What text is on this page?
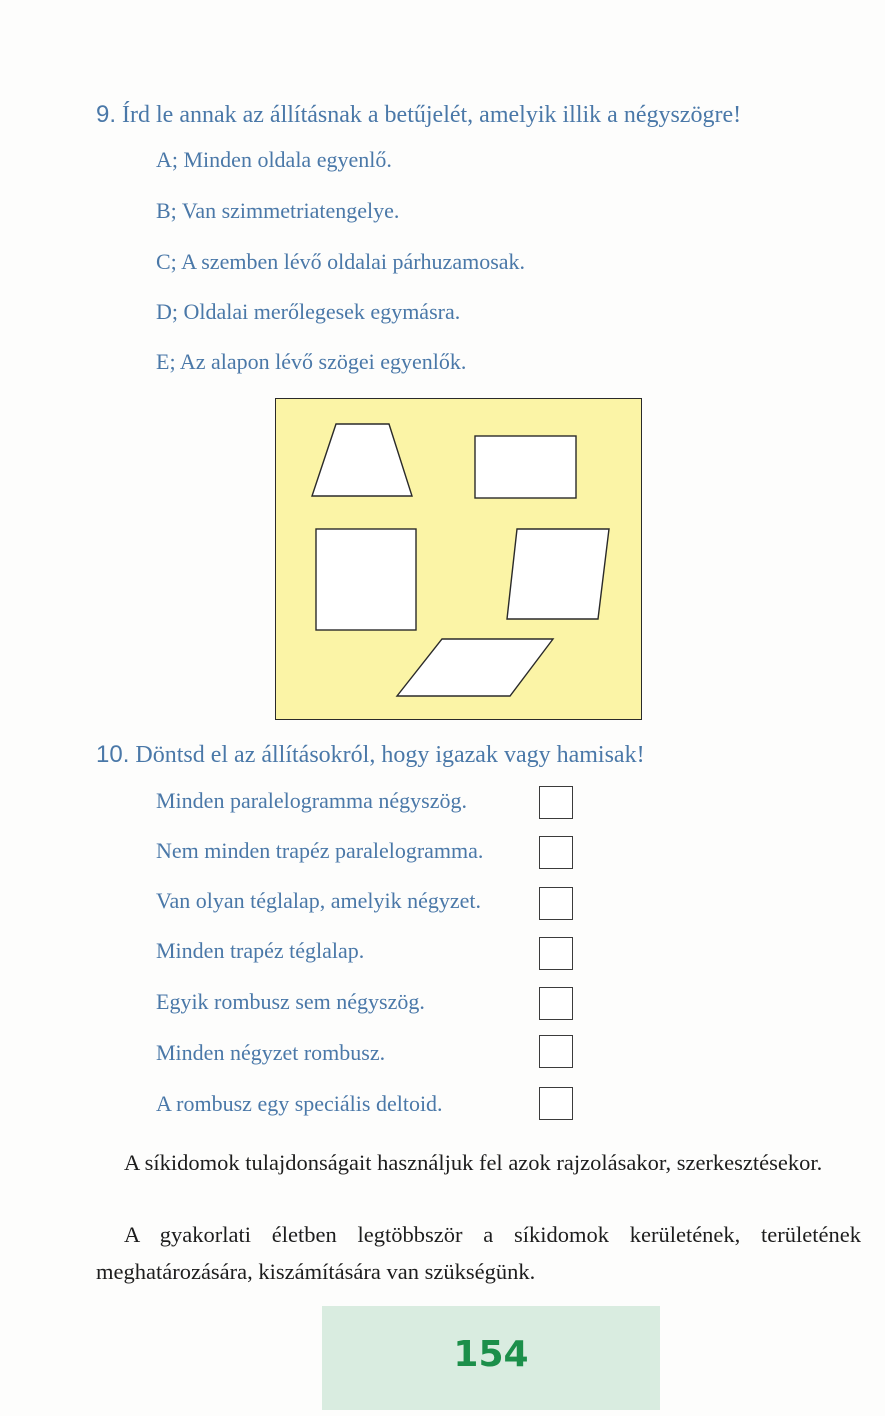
9. Írd le annak az állításnak a betűjelét, amelyik illik a négyszögre!
A; Minden oldala egyenlő.
B; Van szimmetriatengelye.
C; A szemben lévő oldalai párhuzamosak.
D; Oldalai merőlegesek egymásra.
E; Az alapon lévő szögei egyenlők.
10. Döntsd el az állításokról, hogy igazak vagy hamisak!
Minden paralelogramma négyszög.
Nem minden trapéz paralelogramma.
Van olyan téglalap, amelyik négyzet.
Minden trapéz téglalap.
Egyik rombusz sem négyszög.
Minden négyzet rombusz.
A rombusz egy speciális deltoid.
A síkidomok tulajdonságait használjuk fel azok rajzolásakor, szerkesztésekor.
A gyakorlati életben legtöbbször a síkidomok kerületének, területének meghatározására, kiszámítására van szükségünk.
154
